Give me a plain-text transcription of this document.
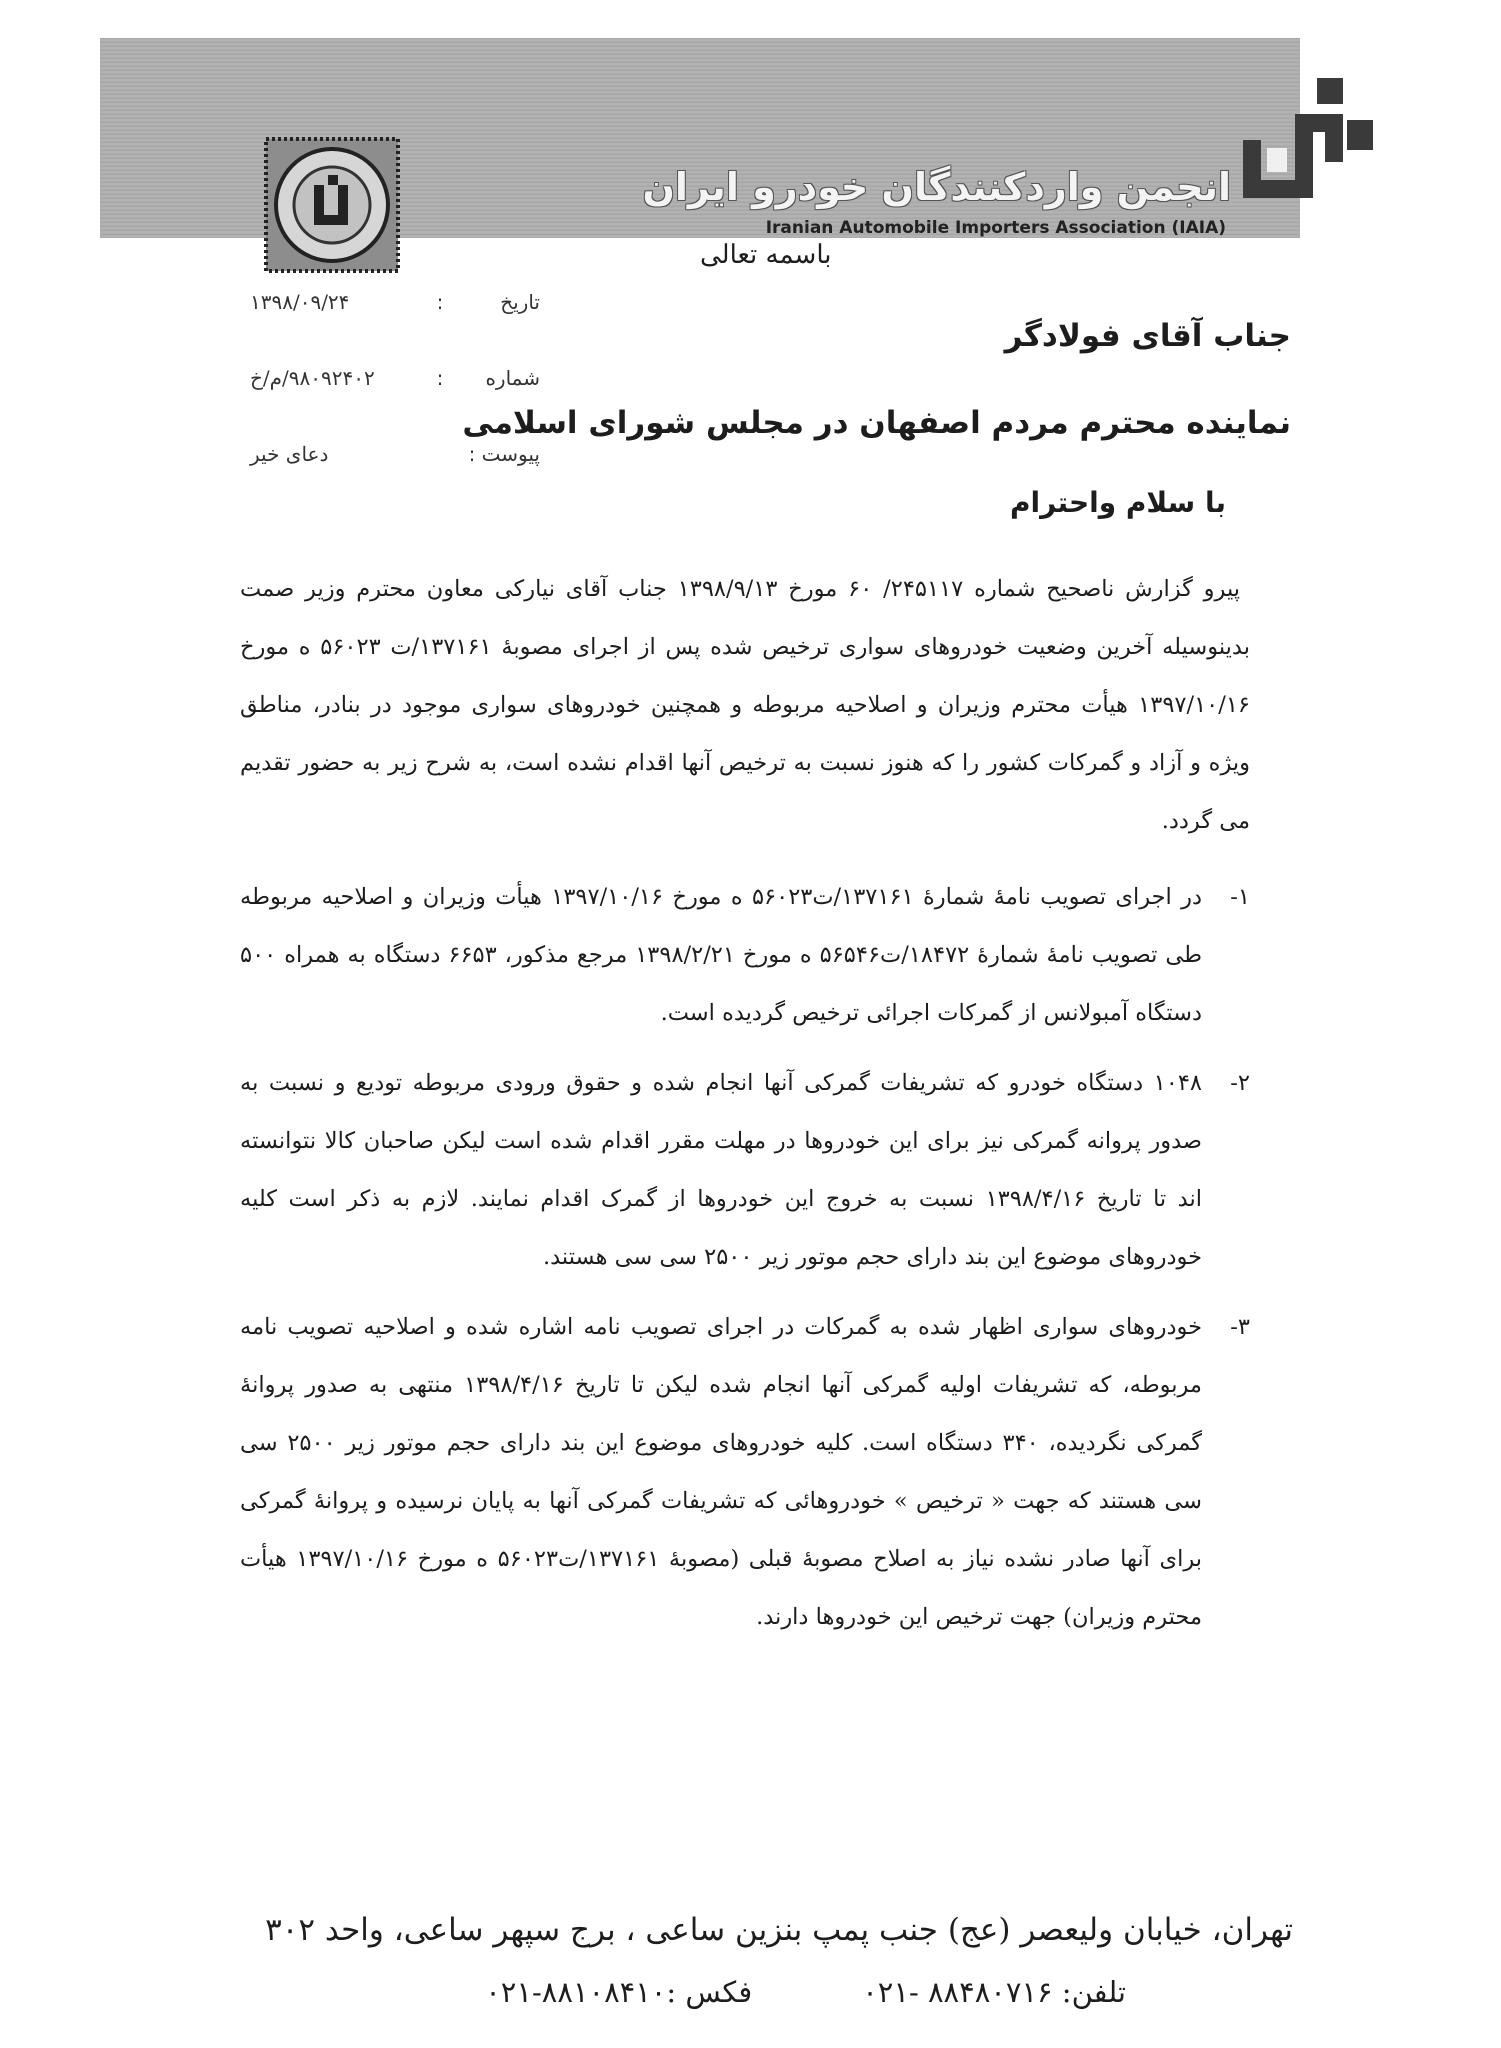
انجمن واردکنندگان خودرو ایران
Iranian Automobile Importers Association (IAIA)
باسمه تعالی
تاریخ
:
۱۳۹۸/۰۹/۲۴
شماره
:
۹۸۰۹۲۴۰۲/م/خ
پیوست :
دعای خیر
جناب آقای فولادگر
نماینده محترم مردم اصفهان در مجلس شورای اسلامی
با سلام واحترام

پیرو گزارش ناصحیح شماره ۲۴۵۱۱۷/ ۶۰ مورخ ۱۳۹۸/۹/۱۳ جناب آقای نیارکی معاون محترم وزیر صمت بدینوسیله آخرین وضعیت خودروهای سواری ترخیص شده پس از اجرای مصوبهٔ ۱۳۷۱۶۱/ت ۵۶۰۲۳ ه مورخ ۱۳۹۷/۱۰/۱۶ هیأت محترم وزیران و اصلاحیه مربوطه و همچنین خودروهای سواری موجود در بنادر، مناطق ویژه و آزاد و گمرکات کشور را که هنوز نسبت به ترخیص آنها اقدام نشده است، به شرح زیر به حضور تقدیم می گردد.

۱-
در اجرای تصویب نامهٔ شمارهٔ ۱۳۷۱۶۱/ت۵۶۰۲۳ ه مورخ ۱۳۹۷/۱۰/۱۶ هیأت وزیران و اصلاحیه مربوطه طی تصویب نامهٔ شمارهٔ ۱۸۴۷۲/ت۵۶۵۴۶ ه مورخ ۱۳۹۸/۲/۲۱ مرجع مذکور، ۶۶۵۳ دستگاه به همراه ۵۰۰ دستگاه آمبولانس از گمرکات اجرائی ترخیص گردیده است.
۲-
۱۰۴۸ دستگاه خودرو که تشریفات گمرکی آنها انجام شده و حقوق ورودی مربوطه تودیع و نسبت به صدور پروانه گمرکی نیز برای این خودروها در مهلت مقرر اقدام شده است لیکن صاحبان کالا نتوانسته اند تا تاریخ ۱۳۹۸/۴/۱۶ نسبت به خروج این خودروها از گمرک اقدام نمایند. لازم به ذکر است کلیه خودروهای موضوع این بند دارای حجم موتور زیر ۲۵۰۰ سی سی هستند.
۳-
خودروهای سواری اظهار شده به گمرکات در اجرای تصویب نامه اشاره شده و اصلاحیه تصویب نامه مربوطه، که تشریفات اولیه گمرکی آنها انجام شده لیکن تا تاریخ ۱۳۹۸/۴/۱۶ منتهی به صدور پروانهٔ گمرکی نگردیده، ۳۴۰ دستگاه است. کلیه خودروهای موضوع این بند دارای حجم موتور زیر ۲۵۰۰ سی سی هستند که جهت « ترخیص » خودروهائی که تشریفات گمرکی آنها به پایان نرسیده و پروانهٔ گمرکی برای آنها صادر نشده نیاز به اصلاح مصوبهٔ قبلی (مصوبهٔ ۱۳۷۱۶۱/ت۵۶۰۲۳ ه مورخ ۱۳۹۷/۱۰/۱۶ هیأت محترم وزیران) جهت ترخیص این خودروها دارند.
تهران، خیابان ولیعصر (عج) جنب پمپ بنزین ساعی ، برج سپهر ساعی، واحد ۳۰۲
تلفن: ۸۸۴۸۰۷۱۶ -۰۲۱
فکس :۸۸۱۰۸۴۱۰-۰۲۱
